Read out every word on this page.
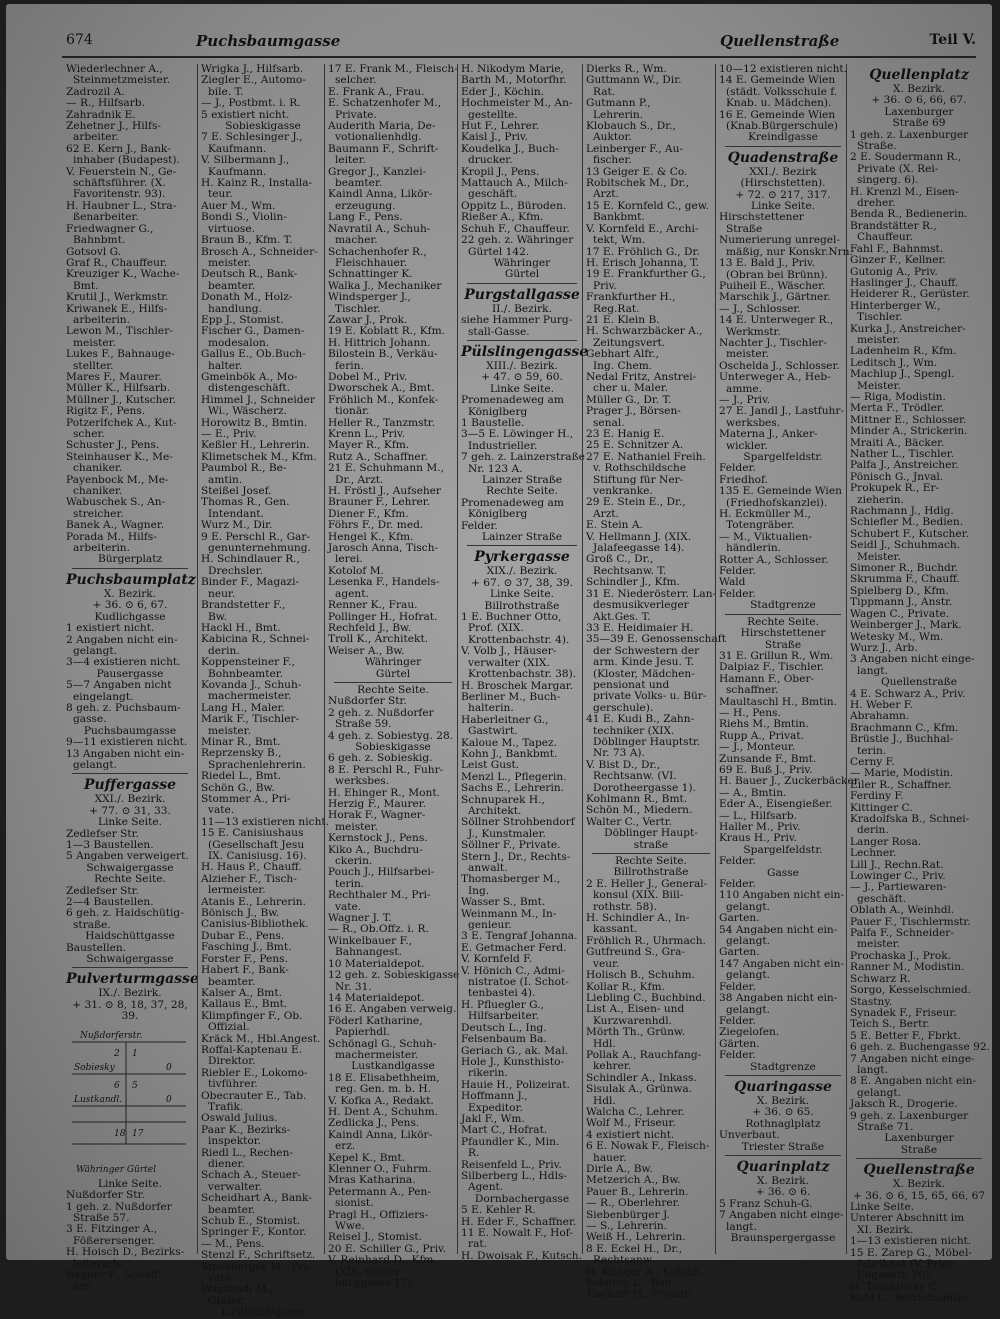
674	Puchsbaumgasse	Quellenstraße	Teil V.
Wiederlechner A.,
Steinmetzmeister.
Zadrozil A.
— R., Hilfsarb.
Zahradnik E.
Zehetner J., Hilfs-
arbeiter.
62 E. Kern J., Bank-
inhaber (Budapest).
V. Feuerstein N., Ge-
schäftsführer. (X.
Favoritenstr. 93).
H. Haubner L., Stra-
ßenarbeiter.
Friedwagner G.,
Bahnbmt.
Gotsovl G.
Graf R., Chauffeur.
Kreuziger K., Wache-
Bmt.
Krutil J., Werkmstr.
Kriwanek E., Hilfs-
arbeiterin.
Lewon M., Tischler-
meister.
Lukes F., Bahnauge-
stellter.
Mares F., Maurer.
Müller K., Hilfsarb.
Müllner J., Kutscher.
Rigitz F., Pens.
Potzerlfchek A., Kut-
scher.
Schuster J., Pens.
Steinhauser K., Me-
chaniker.
Payenbock M., Me-
chaniker.
Wabuschek S., An-
streicher.
Banek A., Wagner.
Porada M., Hilfs-
arbeiterin.
Bürgerplatz
Puchsbaumplatz
X. Bezirk.
+ 36. ⊙ 6, 67.
Kudlichgasse
1 existiert nicht.
2 Angaben nicht ein-
gelangt.
3—4 existieren nicht.
Pausergasse
5—7 Angaben nicht
eingelangt.
8 geh. z. Puchsbaum-
gasse.
Puchsbaumgasse
9—11 existieren nicht.
13 Angaben nicht ein-
gelangt.
Puffergasse
XXI./. Bezirk.
+ 77. ⊙ 31, 33.
Linke Seite.
Zedlefser Str.
1—3 Baustellen.
5 Angaben verweigert.
Schwaigergasse
Rechte Seite.
Zedlefser Str.
2—4 Baustellen.
6 geh. z. Haidschütig-
straße.
Haidschüttgasse
Baustellen.
Schwaigergasse
Pulverturmgasse
IX./. Bezirk.
+ 31. ⊙ 8, 18, 37, 28,
39.
Nußdorferstr.
Sobiesky
Lustkandl.
Währinger Gürtel
2 1
6 5
0
18 17
0
Linke Seite.
Nußdorfer Str.
1 geh. z. Nußdorfer
Straße 57.
3 E. Fitzinger A.,
Fößerersenger.
H. Hoisch D., Bezirks-
leiterarb.
Bagner F., Schaff-
ner.
Wrigka J., Hilfsarb.
Ziegler E., Automo-
bile. T.
— J., Postbmt. i. R.
5 existiert nicht.
Sobieskigasse
7 E. Schlesinger J.,
Kaufmann.
V. Silbermann J.,
Kaufmann.
H. Kainz R., Installa-
teur.
Auer M., Wm.
Bondi S., Violin-
virtuose.
Braun B., Kfm. T.
Brosch A., Schneider-
meister.
Deutsch R., Bank-
beamter.
Donath M., Holz-
handlung.
Epp J., Stomist.
Fischer G., Damen-
modesalon.
Gallus E., Ob.Buch-
halter.
Gmeinbök A., Mo-
distengeschäft.
Himmel J., Schneider
Wi., Wäscherz.
Horowitz B., Bmtin.
— E., Priv.
Keßler H., Lehrerin.
Klimetschek M., Kfm.
Paumbol R., Be-
amtin.
Steißel Josef.
Thomas R., Gen.
Intendant.
Wurz M., Dir.
9 E. Perschl R., Gar-
genunternehmung.
H. Schindlauer R.,
Drechsler.
Binder F., Magazi-
neur.
Brandstetter F.,
Bw.
Hackl H., Bmt.
Kabicina R., Schnei-
derin.
Koppensteiner F.,
Bohnbeamter.
Kovanda J., Schuh-
machermeister.
Lang H., Maler.
Marik F., Tischler-
meister.
Minar R., Bmt.
Reprzensky B.,
Sprachenlehrerin.
Riedel L., Bmt.
Schön G., Bw.
Stommer A., Pri-
vate.
11—13 existieren nicht.
15 E. Canisiushaus
(Gesellschaft Jesu
IX. Canisiusg. 16).
H. Haus P., Chauff.
Alzieher F., Tisch-
lermeister.
Atanis E., Lehrerin.
Bönisch J., Bw.
Canisius-Bibliothek.
Dubar E., Pens.
Fasching J., Bmt.
Forster F., Pens.
Habert F., Bank-
beamter.
Kalser A., Bmt.
Kallaus E., Bmt.
Klimpfinger F., Ob.
Offizial.
Kräck M., Hbl.Angest.
Roffal-Kaptenau E.
Direktor.
Riebler E., Lokomo-
tivführer.
Obecrauter E., Tab.
Trafik.
Oswald Julius.
Paar K., Bezirks-
inspektor.
Riedl L., Rechen-
diener.
Schach A., Steuer-
verwalter.
Scheidhart A., Bank-
beamter.
Schub E., Stomist.
Springer F., Kontor.
— M., Pens.
Stenzl F., Schriftsetz.
Strohberger M., Pri-
vate.
Wagrandl M.,
Glaser.
Lustkandlgasse
17 E. Frank M., Fleisch-
selcher.
E. Frank A., Frau.
E. Schatzenhofer M.,
Private.
Auderith Maria, De-
votionalienhdlg.
Baumann F., Schrift-
leiter.
Gregor J., Kanzlei-
beamter.
Kaindl Anna, Likör-
erzeugung.
Lang F., Pens.
Navratil A., Schuh-
macher.
Schachenhofer R.,
Fleischhauer.
Schnattinger K.
Walka J., Mechaniker
Windsperger J.,
Tischler.
Zawar J., Prok.
19 E. Koblatt R., Kfm.
H. Hittrich Johann.
Bilostein B., Verkäu-
ferin.
Dobel M., Priv.
Dworschek A., Bmt.
Fröhlich M., Konfek-
tionär.
Heller R., Tanzmstr.
Krenn L., Priv.
Mayer R., Kfm.
Rutz A., Schaffner.
21 E. Schuhmann M.,
Dr., Arzt.
H. Fröstl J., Aufseher
Brauner F., Lehrer.
Diener F., Kfm.
Föhrs F., Dr. med.
Hengel K., Kfm.
Jarosch Anna, Tisch-
lerei.
Kotolof M.
Lesenka F., Handels-
agent.
Renner K., Frau.
Pollinger H., Hofrat.
Rechfeld J., Bw.
Troll K., Architekt.
Weiser A., Bw.
Währinger
Gürtel
Rechte Seite.
Nußdorfer Str.
2 geh. z. Nußdorfer
Straße 59.
4 geh. z. Sobiestyg. 28.
Sobieskigasse
6 geh. z. Sobieskig.
8 E. Perschl R., Fuhr-
werksbes.
H. Ehinger R., Mont.
Herzig F., Maurer.
Horak F., Wagner-
meister.
Kernstock J., Pens.
Kiko A., Buchdru-
ckerin.
Pouch J., Hilfsarbei-
terin.
Rechthaler M., Pri-
vate.
Wagner J. T.
— R., Ob.Offz. i. R.
Winkelbauer F.,
Bahnangest.
10 Materialdepot.
12 geh. z. Sobieskigasse
Nr. 31.
14 Materialdepot.
16 E. Angaben verweig.
Föderl Katharine,
Papierhdl.
Schönagl G., Schuh-
machermeister.
Lustkandlgasse
18 E. Elisabethheim,
reg. Gen. m. b. H.
V. Kofka A., Redakt.
H. Dent A., Schuhm.
Zedlicka J., Pens.
Kaindl Anna, Likör-
erz.
Kepel K., Bmt.
Klenner O., Fuhrm.
Mras Katharina.
Petermann A., Pen-
sionist.
Pragl H., Offiziers-
Wwe.
Reisel J., Stomist.
20 E. Schiller G., Priv.
V. Reinhard D., Kfm.
(XIX. Gatter-
burggasse 17).
H. Nikodym Marie,
Barth M., Motorfhr.
Eder J., Köchin.
Hochmeister M., An-
gestellte.
Hut F., Lehrer.
Kaisl J., Priv.
Koudelka J., Buch-
drucker.
Kropil J., Pens.
Mattauch A., Milch-
geschäft.
Oppitz L., Büroden.
Rießer A., Kfm.
Schuh F., Chauffeur.
22 geh. z. Währinger
Gürtel 142.
Währinger
Gürtel
Purgstallgasse
II./. Bezirk.
siehe Hammer Purg-
stall-Gasse.
Pülslingengasse
XIII./. Bezirk.
+ 47. ⊙ 59, 60.
Linke Seite.
Promenadeweg am
Königlberg
1 Baustelle.
3—5 E. Löwinger H.,
Industrieller.
7 geh. z. Lainzerstraße
Nr. 123 A.
Lainzer Straße
Rechte Seite.
Promenadeweg am
Königlberg
Felder.
Lainzer Straße
Pyrkergasse
XIX./. Bezirk.
+ 67. ⊙ 37, 38, 39.
Linke Seite.
Billrothstraße
1 E. Buchner Otto,
Prof. (XIX.
Krottenbachstr. 4).
V. Volb J., Häuser-
verwalter (XIX.
Krottenbachstr. 38).
H. Broschek Margar.
Berliner M., Buch-
halterin.
Haberleitner G.,
Gastwirt.
Kaloue M., Tapez.
Kohn J., Bankbmt.
Leist Gust.
Menzl L., Pflegerin.
Sachs E., Lehrerin.
Schnuparek H.,
Architekt.
Söllner Strohbendorf
J., Kunstmaler.
Söllner F., Private.
Stern J., Dr., Rechts-
anwalt.
Thomasberger M.,
Ing.
Wasser S., Bmt.
Weinmann M., In-
genieur.
3 E. Tengraf Johanna.
E. Getmacher Ferd.
V. Kornfeld F.
V. Hönich C., Admi-
nistratoe (I. Schot-
tenbastei 4).
H. Pfluegler G.,
Hilfsarbeiter.
Deutsch L., Ing.
Felsenbaum Ba.
Geriach G., ak. Mal.
Hole J., Kunsthisto-
rikerin.
Hauie H., Polizeirat.
Hoffmann J.,
Expeditor.
Jakl F., Wm.
Mart C., Hofrat.
Pfaundler K., Min.
R.
Reisenfeld L., Priv.
Silberberg L., Hdls-
Agent.
Dornbachergasse
5 E. Kehler R.
H. Eder F., Schaffner.
11 E. Nowalt F., Hof-
rat.
H. Dwoisak F., Kutsch.
Dierks R., Wm.
Guttmann W., Dir.
Rat.
Gutmann P.,
Lehrerin.
Klobauch S., Dr.,
Auktor.
Leinberger F., Au-
fischer.
13 Geiger E. & Co.
Robitschek M., Dr.,
Arzt.
15 E. Kornfeld C., gew.
Bankbmt.
V. Kornfeld E., Archi-
tekt, Wm.
17 E. Fröhlich G., Dr.
H. Erisch Johanna, T.
19 E. Frankfurther G.,
Priv.
Frankfurther H.,
Reg.Rat.
21 E. Klein B.
H. Schwarzbäcker A.,
Zeitungsvert.
Gebhart Alfr.,
Ing. Chem.
Nedal Fritz, Anstrei-
cher u. Maler.
Müller G., Dr. T.
Prager J., Börsen-
senal.
23 E. Hanig E.
25 E. Schnitzer A.
27 E. Nathaniel Freih.
v. Rothschildsche
Stiftung für Ner-
venkranke.
29 E. Stein E., Dr.,
Arzt.
E. Stein A.
V. Hellmann J. (XIX.
Jalafeegasse 14).
Groß C., Dr.,
Rechtsanw. T.
Schindler J., Kfm.
31 E. Niederösterr. Lan-
desmusikverleger
Akt.Ges. T.
33 E. Heidimaier H.
35—39 E. Genossenschaft
der Schwestern der
arm. Kinde Jesu. T.
(Kloster, Mädchen-
pensionat und
private Volks- u. Bür-
gerschule).
41 E. Kudi B., Zahn-
techniker (XIX.
Döblinger Hauptstr.
Nr. 73 A).
V. Bist D., Dr.,
Rechtsanw. (VI.
Dorotheergasse 1).
Kohlmann R., Bmt.
Schön M., Miedern.
Walter C., Vertr.
Döblinger Haupt-
straße
Rechte Seite.
Billrothstraße
2 E. Heller J., General-
konsul (XIX. Bill-
rothstr. 58).
H. Schindler A., In-
kassant.
Fröhlich R., Uhrmach.
Gutfreund S., Gra-
veur.
Holisch B., Schuhm.
Kollar R., Kfm.
Liebling C., Buchbind.
List A., Eisen- und
Kurzwarenhdl.
Mörth Th., Grünw.
Hdl.
Pollak A., Rauchfang-
kehrer.
Schindler A., Inkass.
Sisulak A., Grünwa.
Hdl.
Walcha C., Lehrer.
Wolf M., Friseur.
4 existiert nicht.
6 E. Nowak F., Fleisch-
hauer.
Dirle A., Bw.
Metzerich A., Bw.
Pauer B., Lehrerin.
— R., Oberlehrer.
Siebenbürger J.
— S., Lehrerin.
Weiß H., Lehrerin.
8 E. Eckel H., Dr.,
Rechtsanw.
H. Klinger A., Kutsch.
Pokorny L., Wm.
Tischler H., Private.
10—12 existieren nicht.
14 E. Gemeinde Wien
(städt. Volksschule f.
Knab. u. Mädchen).
16 E. Gemeinde Wien
(Knab.Bürgerschule)
Kreindlgasse
Quadenstraße
XXI./. Bezirk
(Hirschstetten).
+ 72. ⊙ 217, 317.
Linke Seite.
Hirschstettener
Straße
Numerierung unregel-
mäßig, nur Konskr.Nrn.
13 E. Bald J., Priv.
(Obran bei Brünn).
Puiheil E., Wäscher.
Marschik J., Gärtner.
— J., Schlosser.
14 E. Unterweger R.,
Werkmstr.
Nachter J., Tischler-
meister.
Oschelda J., Schlosser.
Unterweger A., Heb-
amme.
— J., Priv.
27 E. Jandl J., Lastfuhr-
werksbes.
Materna J., Anker-
wickler.
Spargelfeldstr.
Felder.
Friedhof.
135 E. Gemeinde Wien
(Friedhofskanzlei).
H. Eckmüller M.,
Totengräber.
— M., Viktualien-
händlerin.
Rotter A., Schlosser.
Felder.
Wald
Felder.
Stadtgrenze
Rechte Seite.
Hirschstettener
Straße
31 E. Grillun R., Wm.
Dalpiaz F., Tischler.
Hamann F., Ober-
schaffner.
Maultaschl H., Bmtin.
— H., Pens.
Riehs M., Bmtin.
Rupp A., Privat.
— J., Monteur.
Zunsande F., Bmt.
69 E. Buß J., Priv.
H. Bauer J., Zuckerbäcker.
— A., Bmtin.
Eder A., Eisengießer.
— L., Hilfsarb.
Haller M., Priv.
Kraus H., Priv.
Spargelfeldstr.
Felder.
Gasse
Felder.
110 Angaben nicht ein-
gelangt.
Garten.
54 Angaben nicht ein-
gelangt.
Garten.
147 Angaben nicht ein-
gelangt.
Felder.
38 Angaben nicht ein-
gelangt.
Felder.
Ziegelofen.
Gärten.
Felder.
Stadtgrenze
Quaringasse
X. Bezirk.
+ 36. ⊙ 65.
Rothnaglplatz
Unverbaut.
Triester Straße
Quarinplatz
X. Bezirk.
+ 36. ⊙ 6.
5 Franz Schuh-G.
7 Angaben nicht einge-
langt.
Braunspergergasse
Quellenplatz
X. Bezirk.
+ 36. ⊙ 6, 66, 67.
Laxenburger
Straße 69
1 geh. z. Laxenburger
Straße.
2 E. Soudermann R.,
Private (X. Rei-
singerg. 6).
H. Krenzl M., Eisen-
dreher.
Benda R., Bedienerin.
Brandstätter R.,
Chauffeur.
Fahl F., Bahnmst.
Ginzer F., Kellner.
Gutonig A., Priv.
Haslinger J., Chauff.
Heiderer R., Gerüster.
Hinterberger W.,
Tischler.
Kurka J., Anstreicher-
meister.
Ladenheim R., Kfm.
Leditsch J., Wm.
Machlup J., Spengl.
Meister.
— Riga, Modistin.
Merta F., Trödler.
Mittner E., Schlosser.
Minder A., Strickerin.
Mraiti A., Bäcker.
Nather L., Tischler.
Palfa J., Anstreicher.
Pönisch G., Jnval.
Prokupek R., Er-
zieherin.
Rachmann J., Hdlg.
Schiefler M., Bedien.
Schubert F., Kutscher.
Seidl J., Schuhmach.
Meister.
Simoner R., Buchdr.
Skrumma F., Chauff.
Spielberg D., Kfm.
Tippmann J., Anstr.
Wagen C., Private.
Weinberger J., Mark.
Wetesky M., Wm.
Wurz J., Arb.
3 Angaben nicht einge-
langt.
Quellenstraße
4 E. Schwarz A., Priv.
H. Weber F.
Abrahamn.
Brachmann C., Kfm.
Brüstle J., Buchhal-
terin.
Cerny F.
— Marie, Modistin.
Eiler R., Schaffner.
Ferdiny F.
Kittinger C.
Kradolfska B., Schnei-
derin.
Langer Rosa.
Lechner.
Lill J., Rechn.Rat.
Lowinger C., Priv.
— J., Partiewaren-
geschäft.
Oblath A., Weinhdl.
Pauer F., Tischlermstr.
Palfa F., Schneider-
meister.
Prochaska J., Prok.
Ranner M., Modistin.
Schwarz R.
Sorgo, Kesselschmied.
Stastny.
Synadek F., Friseur.
Teich S., Bertr.
5 E. Better F., Fbrkt.
6 geh. z. Buchengasse 92.
7 Angaben nicht einge-
langt.
8 E. Angaben nicht ein-
gelangt.
Jaksch R., Drogerie.
9 geh. z. Laxenburger
Straße 71.
Laxenburger
Straße
Quellenstraße
X. Bezirk.
+ 36. ⊙ 6, 15, 65, 66, 67
Linke Seite.
Unterer Abschnitt im
XI. Bezirk.
1—13 existieren nicht.
15 E. Zarep G., Möbel-
fabrikant (V. Prinz
Eugenstr. 70).
H. Teschinsky C.
Kohl L., Betriebsleiter.
